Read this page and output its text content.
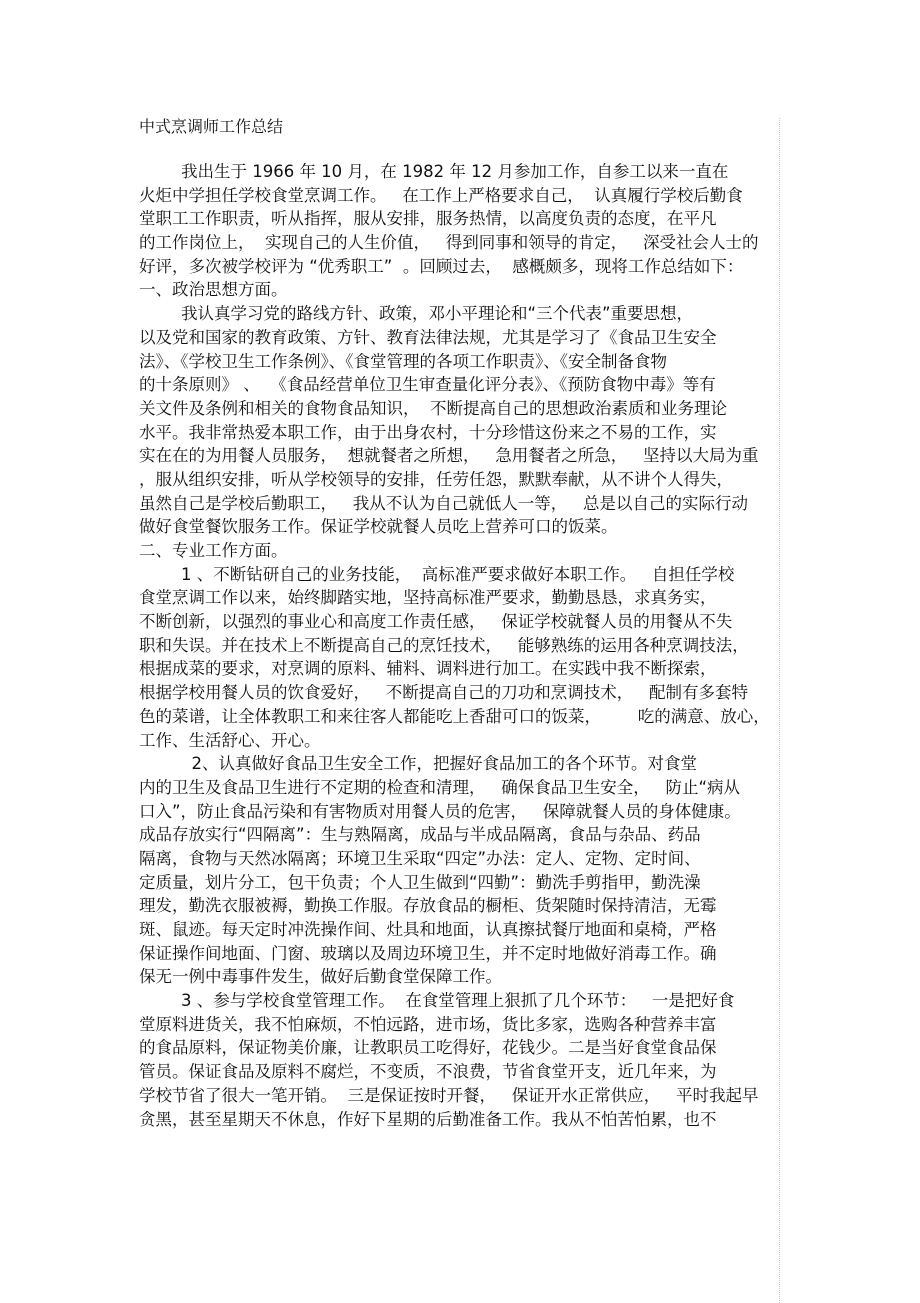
中式烹调师工作总结
我出生于 1966 年 10 月，在 1982 年 12 月参加工作，自参工以来一直在
火炬中学担任学校食堂烹调工作。   在工作上严格要求自己，  认真履行学校后勤食
堂职工工作职责，听从指挥，服从安排，服务热情，以高度负责的态度，在平凡
的工作岗位上，  实现自己的人生价值，   得到同事和领导的肯定，   深受社会人士的
好评，多次被学校评为 “优秀职工”  。回顾过去，  感概颇多，现将工作总结如下：
一、政治思想方面。
我认真学习党的路线方针、政策，邓小平理论和“三个代表”重要思想，
以及党和国家的教育政策、方针、教育法律法规，尤其是学习了《食品卫生安全
法》、《学校卫生工作条例》、《食堂管理的各项工作职责》、《安全制备食物
的十条原则》 、  《食品经营单位卫生审查量化评分表》、《预防食物中毒》等有
关文件及条例和相关的食物食品知识，  不断提高自己的思想政治素质和业务理论
水平。我非常热爱本职工作，由于出身农村，十分珍惜这份来之不易的工作，实
实在在的为用餐人员服务，  想就餐者之所想，   急用餐者之所急，   坚持以大局为重
，服从组织安排，听从学校领导的安排，任劳任怨，默默奉献，从不讲个人得失，
虽然自己是学校后勤职工，   我从不认为自己就低人一等，   总是以自己的实际行动
做好食堂餐饮服务工作。保证学校就餐人员吃上营养可口的饭菜。
二、专业工作方面。
1 、不断钻研自己的业务技能，  高标准严要求做好本职工作。   自担任学校
食堂烹调工作以来，始终脚踏实地，坚持高标准严要求，勤勤恳恳，求真务实，
不断创新，以强烈的事业心和高度工作责任感，   保证学校就餐人员的用餐从不失
职和失误。并在技术上不断提高自己的烹饪技术，   能够熟练的运用各种烹调技法，
根据成菜的要求，对烹调的原料、辅料、调料进行加工。在实践中我不断探索，
根据学校用餐人员的饮食爱好，   不断提高自己的刀功和烹调技术，   配制有多套特
色的菜谱，让全体教职工和来往客人都能吃上香甜可口的饭菜，       吃的满意、放心，
工作、生活舒心、开心。
2、认真做好食品卫生安全工作，把握好食品加工的各个环节。对食堂
内的卫生及食品卫生进行不定期的检查和清理，   确保食品卫生安全，   防止“病从
口入”，防止食品污染和有害物质对用餐人员的危害，   保障就餐人员的身体健康。
成品存放实行“四隔离”：生与熟隔离，成品与半成品隔离，食品与杂品、药品
隔离，食物与天然冰隔离；环境卫生采取“四定”办法：定人、定物、定时间、
定质量，划片分工，包干负责；个人卫生做到“四勤”：勤洗手剪指甲，勤洗澡
理发，勤洗衣服被褥，勤换工作服。存放食品的橱柜、货架随时保持清洁，无霉
斑、鼠迹。每天定时冲洗操作间、灶具和地面，认真擦拭餐厅地面和桌椅，严格
保证操作间地面、门窗、玻璃以及周边环境卫生，并不定时地做好消毒工作。确
保无一例中毒事件发生，做好后勤食堂保障工作。
3 、参与学校食堂管理工作。  在食堂管理上狠抓了几个环节：   一是把好食
堂原料进货关，我不怕麻烦，不怕远路，进市场，货比多家，选购各种营养丰富
的食品原料，保证物美价廉，让教职员工吃得好，花钱少。二是当好食堂食品保
管员。保证食品及原料不腐烂，不变质，不浪费，节省食堂开支，近几年来，为
学校节省了很大一笔开销。  三是保证按时开餐，   保证开水正常供应，   平时我起早
贪黑，甚至星期天不休息，作好下星期的后勤准备工作。我从不怕苦怕累，也不
